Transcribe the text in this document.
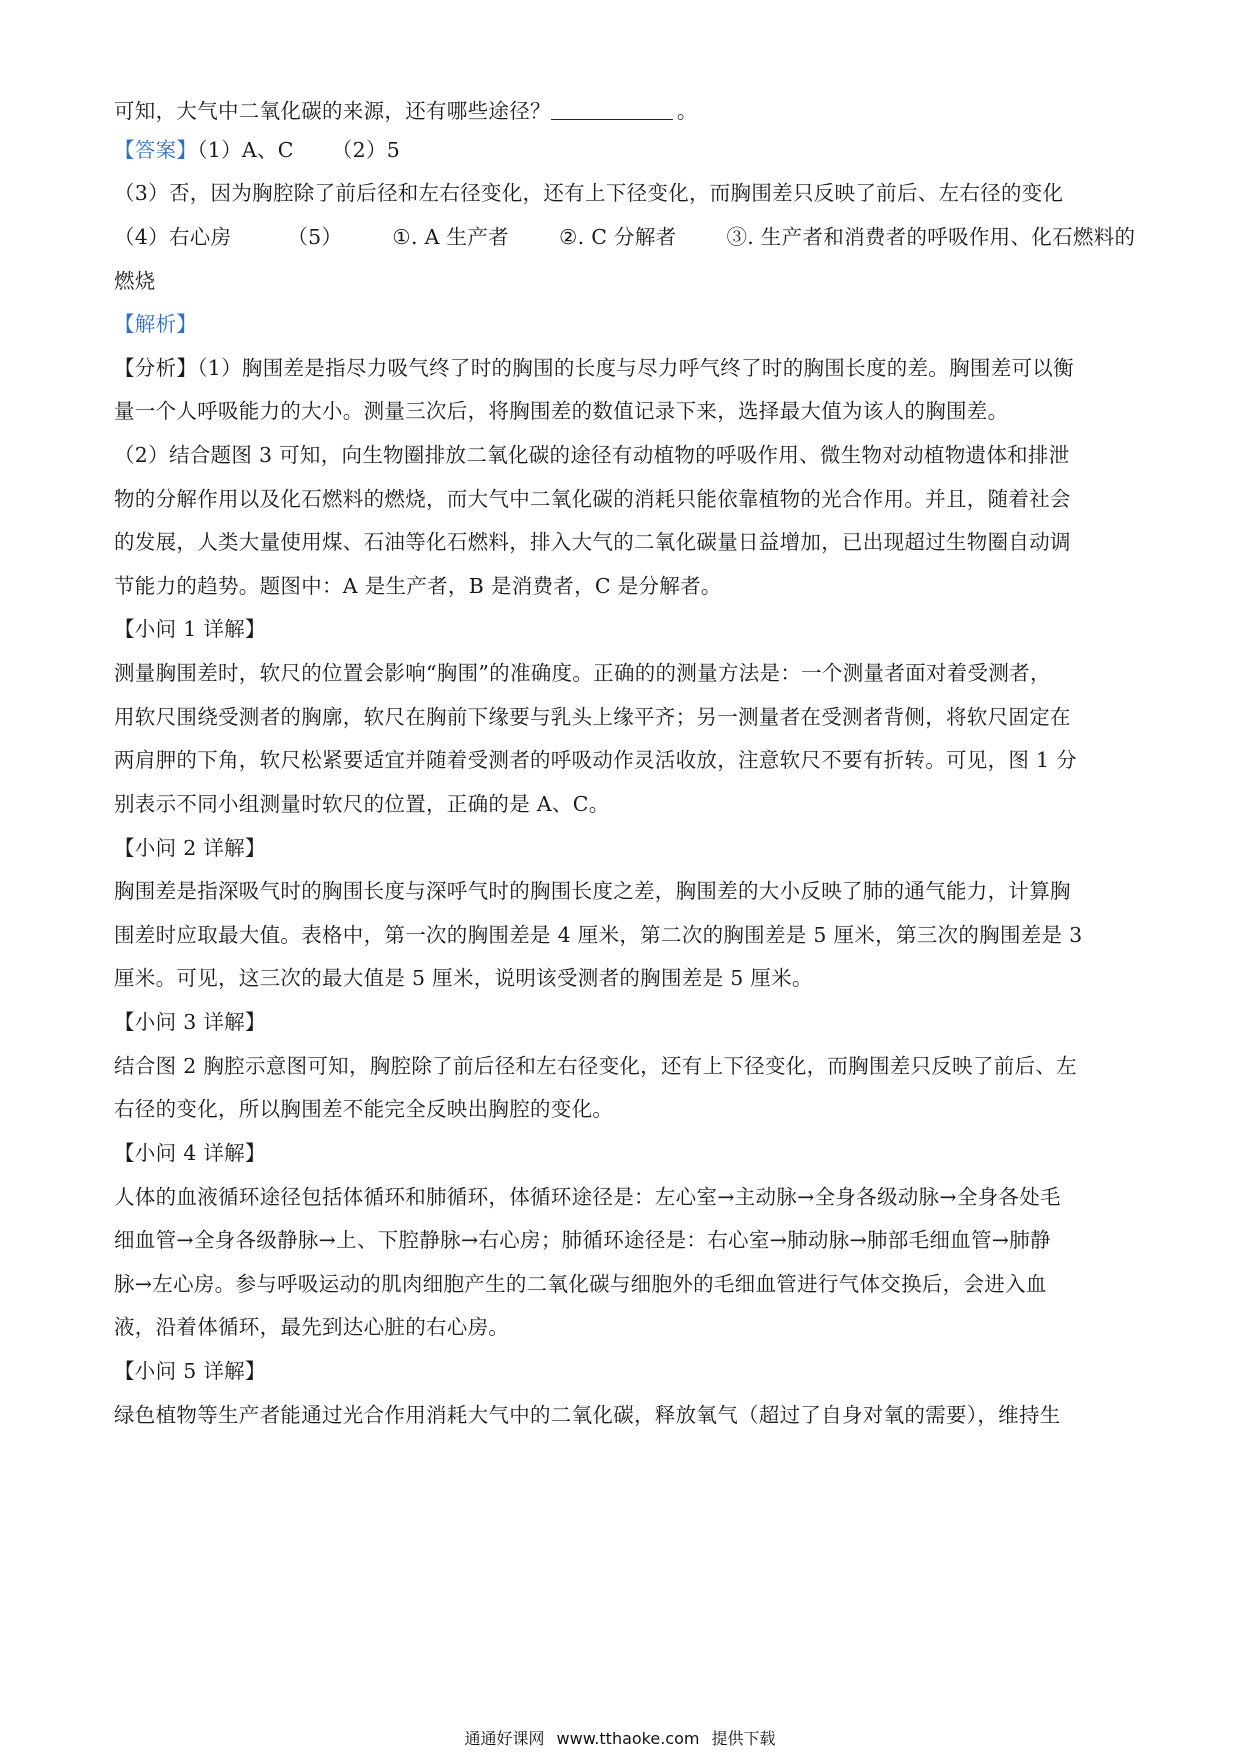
可知，大气中二氧化碳的来源，还有哪些途径？	。
【答案】（1）A、C （2）5
（3）否，因为胸腔除了前后径和左右径变化，还有上下径变化，而胸围差只反映了前后、左右径的变化
（4）右心房	（5） ①. A 生产者 ②. C 分解者 ③. 生产者和消费者的呼吸作用、化石燃料的
燃烧
【解析】
【分析】（1）胸围差是指尽力吸气终了时的胸围的长度与尽力呼气终了时的胸围长度的差。胸围差可以衡
量一个人呼吸能力的大小。测量三次后，将胸围差的数值记录下来，选择最大值为该人的胸围差。
（2）结合题图 3 可知，向生物圈排放二氧化碳的途径有动植物的呼吸作用、微生物对动植物遗体和排泄
物的分解作用以及化石燃料的燃烧，而大气中二氧化碳的消耗只能依靠植物的光合作用。并且，随着社会
的发展，人类大量使用煤、石油等化石燃料，排入大气的二氧化碳量日益增加，已出现超过生物圈自动调
节能力的趋势。题图中：A 是生产者，B 是消费者，C 是分解者。
【小问 1 详解】
测量胸围差时，软尺的位置会影响“胸围”的准确度。正确的的测量方法是：一个测量者面对着受测者，
用软尺围绕受测者的胸廓，软尺在胸前下缘要与乳头上缘平齐；另一测量者在受测者背侧，将软尺固定在
两肩胛的下角，软尺松紧要适宜并随着受测者的呼吸动作灵活收放，注意软尺不要有折转。可见，图 1 分
别表示不同小组测量时软尺的位置，正确的是 A、C。
【小问 2 详解】
胸围差是指深吸气时的胸围长度与深呼气时的胸围长度之差，胸围差的大小反映了肺的通气能力，计算胸
围差时应取最大值。表格中，第一次的胸围差是 4 厘米，第二次的胸围差是 5 厘米，第三次的胸围差是 3
厘米。可见，这三次的最大值是 5 厘米，说明该受测者的胸围差是 5 厘米。
【小问 3 详解】
结合图 2 胸腔示意图可知，胸腔除了前后径和左右径变化，还有上下径变化，而胸围差只反映了前后、左
右径的变化，所以胸围差不能完全反映出胸腔的变化。
【小问 4 详解】
人体的血液循环途径包括体循环和肺循环，体循环途径是：左心室→主动脉→全身各级动脉→全身各处毛
细血管→全身各级静脉→上、下腔静脉→右心房；肺循环途径是：右心室→肺动脉→肺部毛细血管→肺静
脉→左心房。参与呼吸运动的肌肉细胞产生的二氧化碳与细胞外的毛细血管进行气体交换后，会进入血
液，沿着体循环，最先到达心脏的右心房。
【小问 5 详解】
绿色植物等生产者能通过光合作用消耗大气中的二氧化碳，释放氧气（超过了自身对氧的需要），维持生
通通好课网 www.tthaoke.com 提供下载
